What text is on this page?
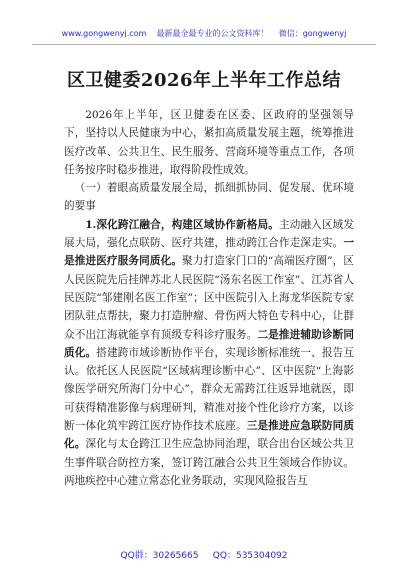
www.gongwenyj.com 最新最全最专业的公文资料库！ 微信：gongwenyj
区卫健委2026年上半年工作总结

2026年上半年，区卫健委在区委、区政府的坚强领导下，坚持以人民健康为中心，紧扣高质量发展主题，统筹推进医疗改革、公共卫生、民生服务、营商环境等重点工作，各项任务按序时稳步推进，取得阶段性成效。

（一）着眼高质量发展全局，抓细抓协同、促发展、优环境的要事

1.深化跨江融合，构建区域协作新格局。主动融入区域发展大局，强化点联防、医疗共建，推动跨江合作走深走实。一是推进医疗服务同质化。聚力打造家门口的“高端医疗圈”，区人民医院先后挂牌苏北人民医院“汤东名医工作室”、江苏省人民医院“邹建刚名医工作室”；区中医院引入上海龙华医院专家团队驻点帮扶，聚力打造肿瘤、骨伤两大特色专科中心，让群众不出江海就能享有顶级专科诊疗服务。二是推进辅助诊断同质化。搭建跨市域诊断协作平台，实现诊断标准统一、报告互认。依托区人民医院“区域病理诊断中心”、区中医院“上海影像医学研究所海门分中心”，群众无需跨江往返异地就医，即可获得精准影像与病理研判，精准对接个性化诊疗方案，以诊断一体化筑牢跨江医疗协作技术底座。三是推进应急联防同质化。深化与太仓跨江卫生应急协同治理，联合出台区域公共卫生事件联合防控方案，签订跨江融合公共卫生领域合作协议。两地疾控中心建立常态化业务联动，实现风险报告互

QQ群：30265665 QQ：535304092
